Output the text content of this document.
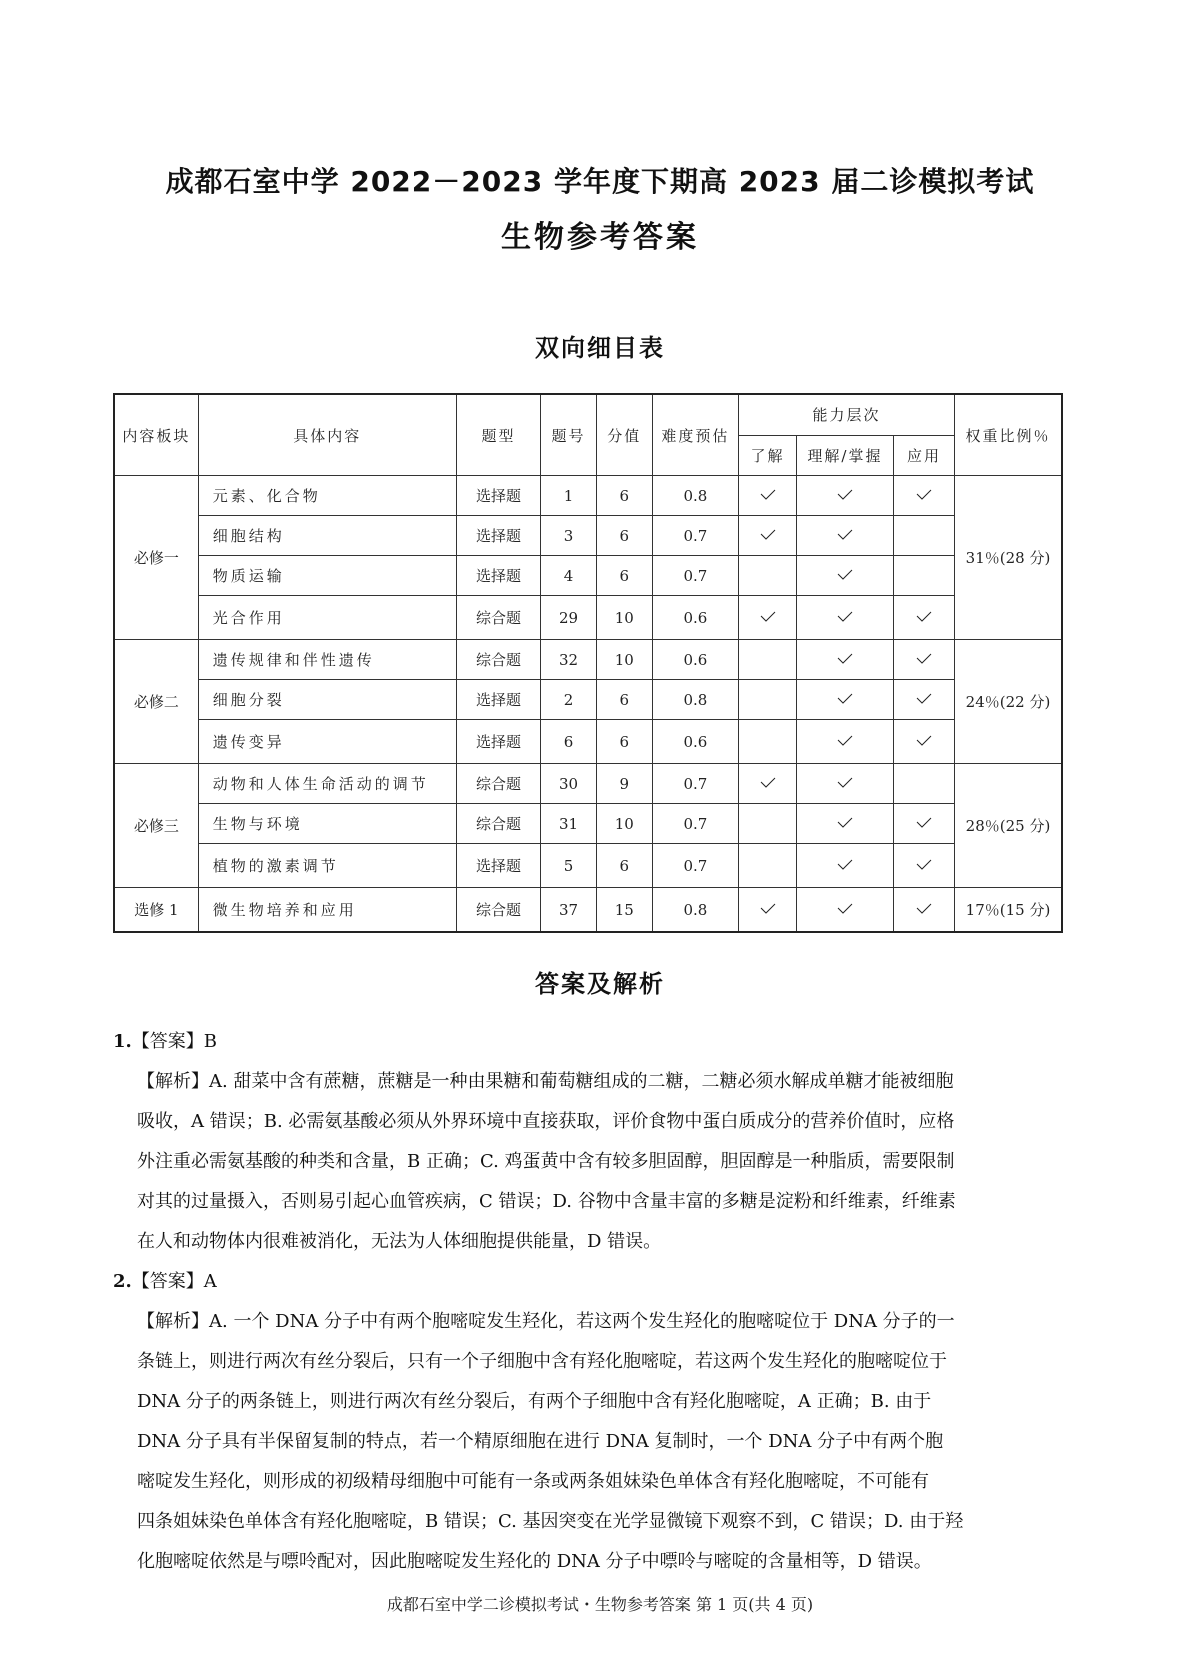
成都石室中学 2022－2023 学年度下期高 2023 届二诊模拟考试
生物参考答案
双向细目表
内容板块	具体内容	题型	题号	分值	难度预估	能力层次			权重比例％
						了解	理解/掌握	应用	
必修一	元素、化合物	选择题	1	6	0.8				31％(28 分)
	细胞结构	选择题	3	6	0.7	

	物质运输	选择题	4	6	0.7		

	光合作用	综合题	29	10	0.6	

必修二	遗传规律和伴性遗传	综合题	32	10	0.6				24％(22 分)
	细胞分裂	选择题	2	6	0.8		

	遗传变异	选择题	6	6	0.6		

必修三	动物和人体生命活动的调节	综合题	30	9	0.7				28％(25 分)
	生物与环境	综合题	31	10	0.7		

	植物的激素调节	选择题	5	6	0.7		

选修 1	微生物培养和应用	综合题	37	15	0.8				17％(15 分)
答案及解析
1.【答案】B
【解析】A. 甜菜中含有蔗糖，蔗糖是一种由果糖和葡萄糖组成的二糖，二糖必须水解成单糖才能被细胞
吸收，A 错误；B. 必需氨基酸必须从外界环境中直接获取，评价食物中蛋白质成分的营养价值时，应格
外注重必需氨基酸的种类和含量，B 正确；C. 鸡蛋黄中含有较多胆固醇，胆固醇是一种脂质，需要限制
对其的过量摄入，否则易引起心血管疾病，C 错误；D. 谷物中含量丰富的多糖是淀粉和纤维素，纤维素
在人和动物体内很难被消化，无法为人体细胞提供能量，D 错误。
2.【答案】A
【解析】A. 一个 DNA 分子中有两个胞嘧啶发生羟化，若这两个发生羟化的胞嘧啶位于 DNA 分子的一
条链上，则进行两次有丝分裂后，只有一个子细胞中含有羟化胞嘧啶，若这两个发生羟化的胞嘧啶位于
DNA 分子的两条链上，则进行两次有丝分裂后，有两个子细胞中含有羟化胞嘧啶，A 正确；B. 由于
DNA 分子具有半保留复制的特点，若一个精原细胞在进行 DNA 复制时，一个 DNA 分子中有两个胞
嘧啶发生羟化，则形成的初级精母细胞中可能有一条或两条姐妹染色单体含有羟化胞嘧啶，不可能有
四条姐妹染色单体含有羟化胞嘧啶，B 错误；C. 基因突变在光学显微镜下观察不到，C 错误；D. 由于羟
化胞嘧啶依然是与嘌呤配对，因此胞嘧啶发生羟化的 DNA 分子中嘌呤与嘧啶的含量相等，D 错误。
成都石室中学二诊模拟考试・生物参考答案 第 1 页(共 4 页)
